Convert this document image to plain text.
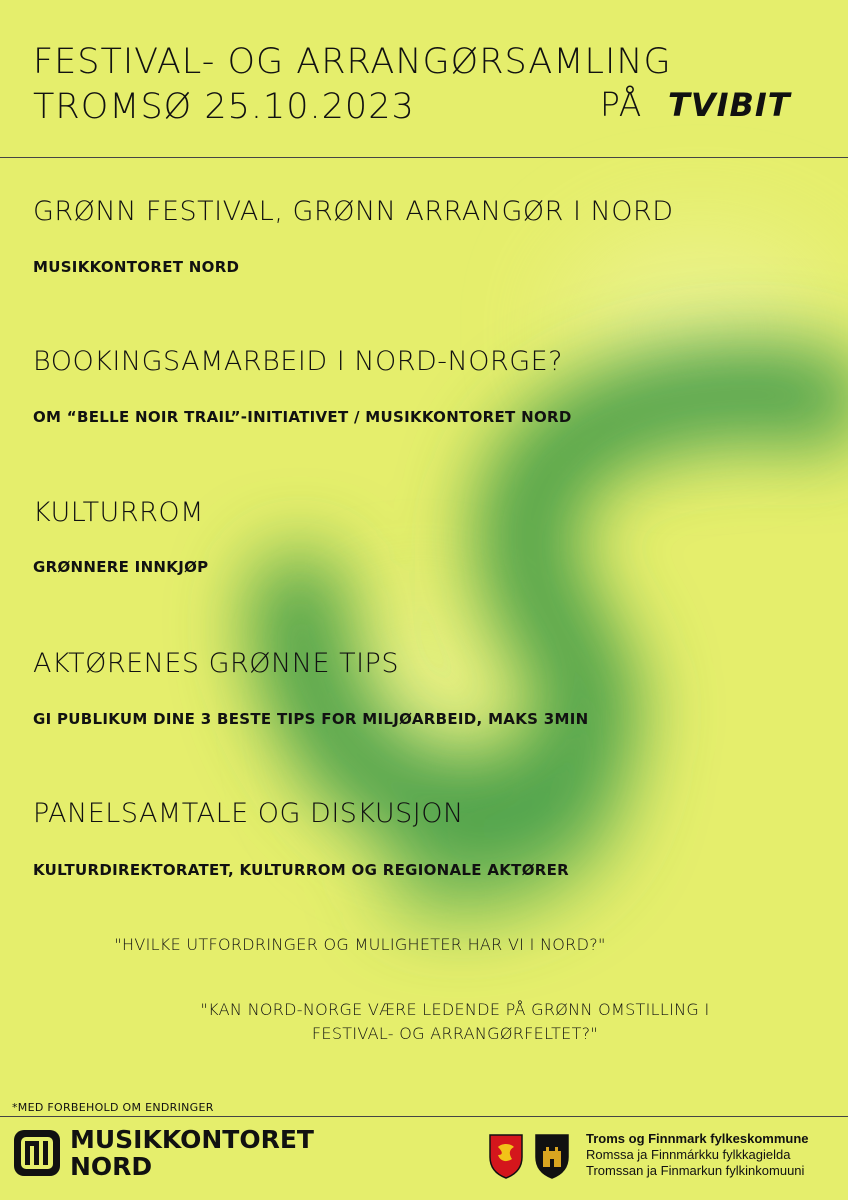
FESTIVAL- OG ARRANGØRSAMLING
TROMSØ 25.10.2023	PÅ TVIBIT
GRØNN FESTIVAL, GRØNN ARRANGØR I NORD
MUSIKKONTORET NORD
BOOKINGSAMARBEID I NORD-NORGE?
OM “BELLE NOIR TRAIL”-INITIATIVET / MUSIKKONTORET NORD
KULTURROM
GRØNNERE INNKJØP
AKTØRENES GRØNNE TIPS
GI PUBLIKUM DINE 3 BESTE TIPS FOR MILJØARBEID, MAKS 3MIN
PANELSAMTALE OG DISKUSJON
KULTURDIREKTORATET, KULTURROM OG REGIONALE AKTØRER
"HVILKE UTFORDRINGER OG MULIGHETER HAR VI I NORD?"
"KAN NORD-NORGE VÆRE LEDENDE PÅ GRØNN OMSTILLING I
FESTIVAL- OG ARRANGØRFELTET?"
*MED FORBEHOLD OM ENDRINGER
MUSIKKONTORET
NORD
Troms og Finnmark fylkeskommune
Romssa ja Finnmárkku fylkkagielda
Tromssan ja Finmarkun fylkinkomuuni
